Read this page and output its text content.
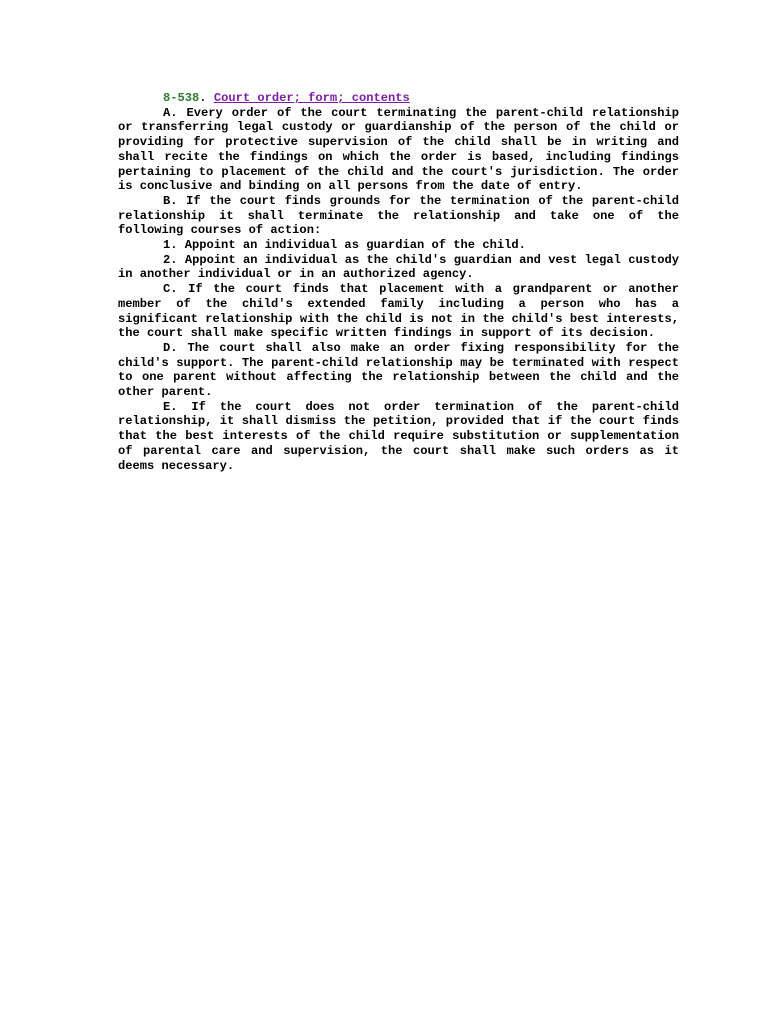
8-538. Court order; form; contents

A. Every order of the court terminating the parent-child relationship or transferring legal custody or guardianship of the person of the child or providing for protective supervision of the child shall be in writing and shall recite the findings on which the order is based, including findings pertaining to placement of the child and the court's jurisdiction. The order is conclusive and binding on all persons from the date of entry.

B. If the court finds grounds for the termination of the parent-child relationship it shall terminate the relationship and take one of the following courses of action:

1. Appoint an individual as guardian of the child.

2. Appoint an individual as the child's guardian and vest legal custody in another individual or in an authorized agency.

C. If the court finds that placement with a grandparent or another member of the child's extended family including a person who has a significant relationship with the child is not in the child's best interests, the court shall make specific written findings in support of its decision.

D. The court shall also make an order fixing responsibility for the child's support. The parent-child relationship may be terminated with respect to one parent without affecting the relationship between the child and the other parent.

E. If the court does not order termination of the parent-child relationship, it shall dismiss the petition, provided that if the court finds that the best interests of the child require substitution or supplementation of parental care and supervision, the court shall make such orders as it deems necessary.
